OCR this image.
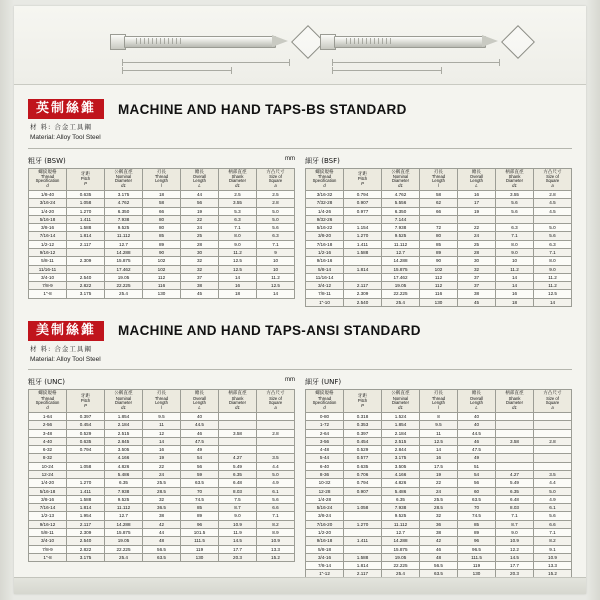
英制絲錐	MACHINE AND HAND TAPS-BS STANDARD
材 料: 合金工具鋼
Material: Alloy Tool Steel
粗牙 (BSW)	mm
螺紋規格
Thread
Specification
d	牙距
Pitch
P	公稱直徑
Nominal
Diameter
d1	刃長
Thread
Length
l	總長
Overall
Length
L	柄部直徑
Shank
Diameter
d1	方凸尺寸
Size of
Square
a

1/8-40	0.635	3.175	18	44	2.5	2.5
3/16-24	1.058	4.762	58	56	3.55	2.8
1/4-20	1.270	6.350	66	19	5.3	5.0
5/16-18	1.411	7.938	80	22	6.3	5.0
3/8-16	1.588	9.525	80	24	7.1	5.6
7/16-14	1.814	11.112	85	25	8.0	6.3
1/2-12	2.117	12.7	89	28	9.0	7.1
9/16-12		14.288	90	30	11.2	9
5/8-11	2.309	15.875	102	32	12.5	10
11/16-11		17.462	102	32	12.5	10
3/4-10	2.540	19.05	112	37	14	11.2
7/8-9	2.822	22.225	116	38	16	12.5
1"-8	3.175	25.4	130	45	18	14
細牙 (BSF)
螺紋規格
Thread
Specification
d	牙距
Pitch
P	公稱直徑
Nominal
Diameter
d1	刃長
Thread
Length
l	總長
Overall
Length
L	柄部直徑
Shank
Diameter
d1	方凸尺寸
Size of
Square
a

3/16-32	0.794	4.762	58	16	3.55	2.8
7/32-28	0.907	5.556	62	17	5.6	4.5
1/4-26	0.977	6.350	66	19	5.6	4.5
9/32-26		7.144				
5/16-22	1.154	7.938	72	22	6.3	5.0
3/8-20	1.270	9.525	80	24	7.1	5.6
7/16-18	1.411	11.112	85	25	8.0	6.3
1/2-16	1.588	12.7	89	28	9.0	7.1
9/16-16		14.288	90	30	10	8.0
5/8-14	1.814	15.875	102	32	11.2	9.0
11/16-14		17.462	112	37	14	11.2
3/4-12	2.117	19.05	112	37	14	11.2
7/8-11	2.309	22.225	116	38	16	12.5
1"-10	2.540	25.4	130	45	18	14
美制絲錐	MACHINE AND HAND TAPS-ANSI STANDARD
材 料: 合金工具鋼
Material: Alloy Tool Steel
粗牙 (UNC)	mm
螺紋規格
Thread
Specification
d	牙距
Pitch
P	公稱直徑
Nominal
Diameter
d1	刃長
Thread
Length
l	總長
Overall
Length
L	柄部直徑
Shank
Diameter
d1	方凸尺寸
Size of
Square
a

1-64	0.397	1.854	9.5	40		
2-56	0.454	2.184	11	44.5		
3-48	0.529	2.515	12	46	3.58	2.8
4-40	0.635	2.845	14	47.5		
6-32	0.794	3.505	16	49		
8-32		4.166	19	54	4.27	3.5
10-24	1.058	4.826	22	56	5.49	4.4
12-24		5.486	24	59	6.35	5.0
1/4-20	1.270	6.35	25.5	63.5	6.48	4.9
5/16-18	1.411	7.938	28.5	70	8.03	6.1
3/8-16	1.588	9.525	32	74.5	7.5	5.6
7/16-14	1.814	11.112	36.5	85	8.7	6.6
1/2-13	1.954	12.7	38	89	9.0	7.1
9/16-12	2.117	14.288	42	96	10.9	8.2
5/8-11	2.309	15.875	44	101.5	11.9	8.9
3/4-10	2.540	19.05	48	111.5	14.5	10.9
7/8-9	2.822	22.225	56.5	119	17.7	13.3
1"-8	3.175	25.4	63.5	130	20.3	15.2
細牙 (UNF)
螺紋規格
Thread
Specification
d	牙距
Pitch
P	公稱直徑
Nominal
Diameter
d1	刃長
Thread
Length
l	總長
Overall
Length
L	柄部直徑
Shank
Diameter
d1	方凸尺寸
Size of
Square
a

0-80	0.318	1.524	8	40		
1-72	0.353	1.854	9.5	40		
2-64	0.397	2.184	11	44.5		
3-56	0.454	2.515	12.5	46	3.58	2.8
4-48	0.529	2.844	14	47.5		
5-44	0.577	3.175	16	49		
6-40	0.635	3.505	17.5	51		
8-36	0.706	4.166	19	54	4.27	3.5
10-32	0.794	4.826	22	56	5.49	4.4
12-28	0.907	5.486	24	60	6.35	5.0
1/4-28		6.35	25.5	63.5	6.48	4.9
5/16-24	1.058	7.938	28.5	70	8.03	6.1
3/8-24		9.525	32	74.5	7.1	5.6
7/16-20	1.270	11.112	36	85	8.7	6.6
1/2-20		12.7	38	89	9.0	7.1
9/16-18	1.411	14.288	42	96	10.9	8.2
5/8-18		15.875	46	96.5	12.2	9.1
3/4-16	1.588	19.05	48	111.5	14.5	10.9
7/8-14	1.814	22.225	56.5	119	17.7	13.3
1"-12	2.117	25.4	63.5	130	20.3	15.2
